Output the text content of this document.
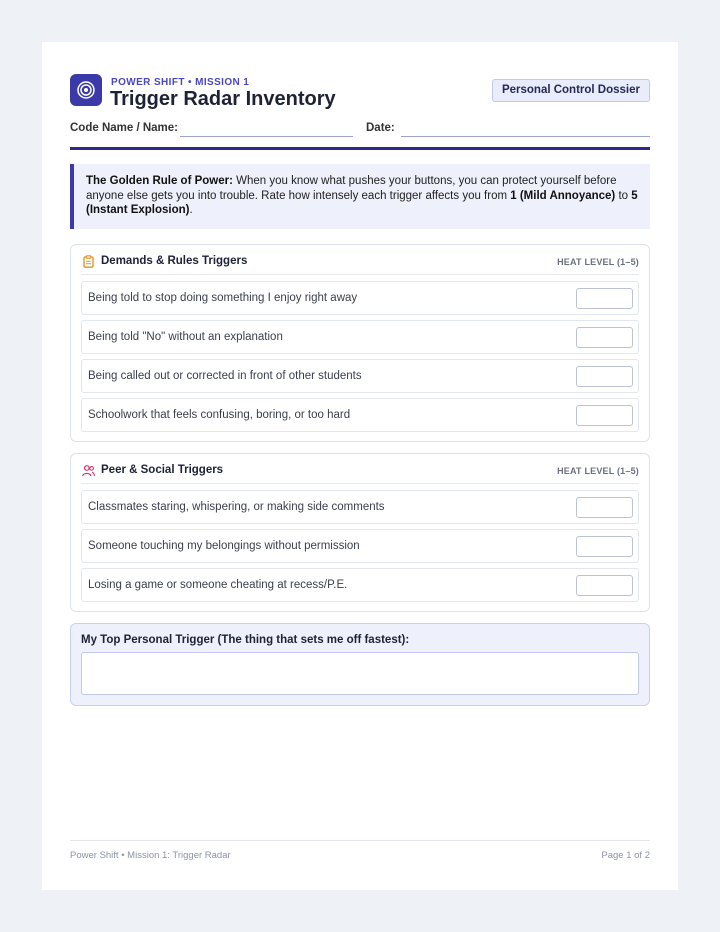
POWER SHIFT • MISSION 1
Trigger Radar Inventory	Personal Control Dossier
Code Name / Name:	Date:
The Golden Rule of Power: When you know what pushes your buttons, you can protect yourself before anyone else gets you into trouble. Rate how intensely each trigger affects you from 1 (Mild Annoyance) to 5 (Instant Explosion).
Demands & Rules Triggers	HEAT LEVEL (1–5)
Being told to stop doing something I enjoy right away
Being told "No" without an explanation
Being called out or corrected in front of other students
Schoolwork that feels confusing, boring, or too hard
Peer & Social Triggers	HEAT LEVEL (1–5)
Classmates staring, whispering, or making side comments
Someone touching my belongings without permission
Losing a game or someone cheating at recess/P.E.
My Top Personal Trigger (The thing that sets me off fastest):
Power Shift • Mission 1: Trigger Radar	Page 1 of 2
